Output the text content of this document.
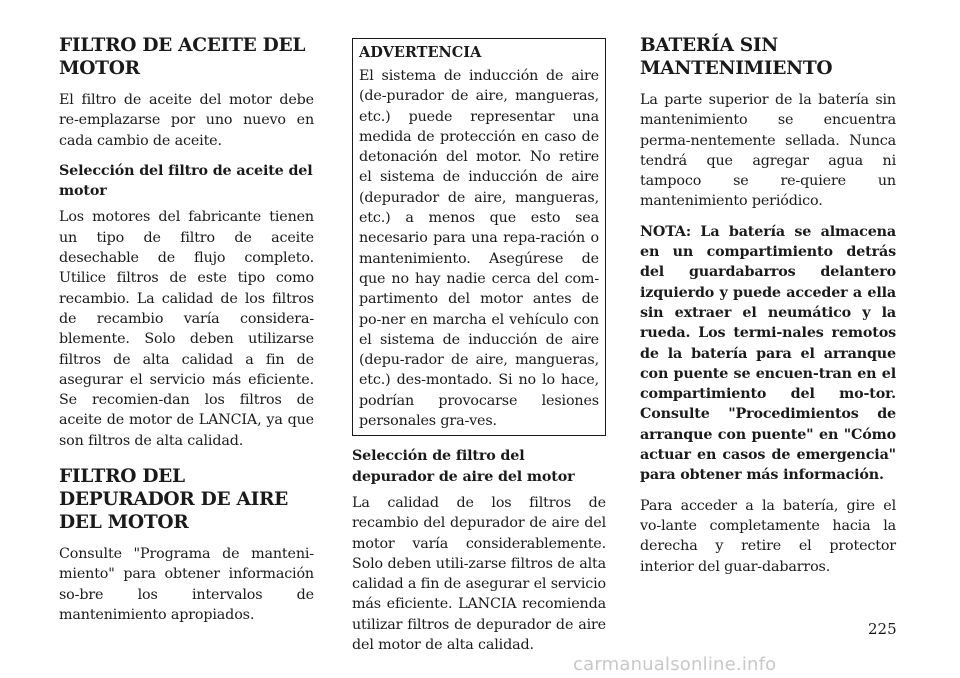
FILTRO DE ACEITE DEL MOTOR

El filtro de aceite del motor debe re-emplazarse por uno nuevo en cada cambio de aceite.

Selección del filtro de aceite del motor

Los motores del fabricante tienen un tipo de filtro de aceite desechable de flujo completo. Utilice filtros de este tipo como recambio. La calidad de los filtros de recambio varía considera-blemente. Solo deben utilizarse filtros de alta calidad a fin de asegurar el servicio más eficiente. Se recomien-dan los filtros de aceite de motor de LANCIA, ya que son filtros de alta calidad.

FILTRO DEL DEPURADOR DE AIRE DEL MOTOR

Consulte "Programa de manteni-miento" para obtener información so-bre los intervalos de mantenimiento apropiados.

ADVERTENCIA

El sistema de inducción de aire (de-purador de aire, mangueras, etc.) puede representar una medida de protección en caso de detonación del motor. No retire el sistema de inducción de aire (depurador de aire, mangueras, etc.) a menos que esto sea necesario para una repa-ración o mantenimiento. Asegúrese de que no hay nadie cerca del com-partimento del motor antes de po-ner en marcha el vehículo con el sistema de inducción de aire (depu-rador de aire, mangueras, etc.) des-montado. Si no lo hace, podrían provocarse lesiones personales gra-ves.

Selección de filtro del depurador de aire del motor

La calidad de los filtros de recambio del depurador de aire del motor varía considerablemente. Solo deben utili-zarse filtros de alta calidad a fin de asegurar el servicio más eficiente. LANCIA recomienda utilizar filtros de depurador de aire del motor de alta calidad.

BATERÍA SIN MANTENIMIENTO

La parte superior de la batería sin mantenimiento se encuentra perma-nentemente sellada. Nunca tendrá que agregar agua ni tampoco se re-quiere un mantenimiento periódico.

NOTA: La batería se almacena en un compartimiento detrás del guardabarros delantero izquierdo y puede acceder a ella sin extraer el neumático y la rueda. Los termi-nales remotos de la batería para el arranque con puente se encuen-tran en el compartimiento del mo-tor. Consulte "Procedimientos de arranque con puente" en "Cómo actuar en casos de emergencia" para obtener más información.

Para acceder a la batería, gire el vo-lante completamente hacia la derecha y retire el protector interior del guar-dabarros.

225
carmanualsonline.info
